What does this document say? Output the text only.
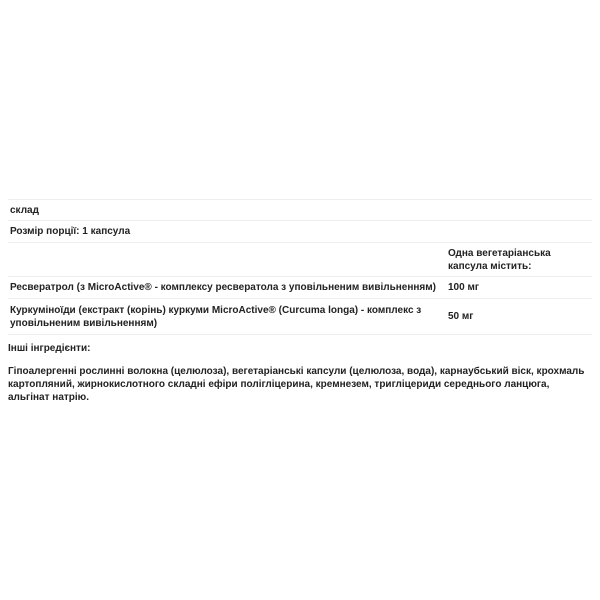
склад	
Розмір порції: 1 капсула	
	Одна вегетаріанська капсула містить:
Ресвератрол (з MicroActive® - комплексу ресвератола з уповільненим вивільненням)	100 мг
Куркуміноїди (екстракт (корінь) куркуми MicroActive® (Curcuma longa) - комплекс з уповільненим вивільненням)	50 мг
Інші інгредієнти:
Гіпоалергенні рослинні волокна (целюлоза), вегетаріанські капсули (целюлоза, вода), карнаубський віск, крохмаль картопляний, жирнокислотного складні ефіри полігліцерина, кремнезем, тригліцериди середнього ланцюга, альгінат натрію.
